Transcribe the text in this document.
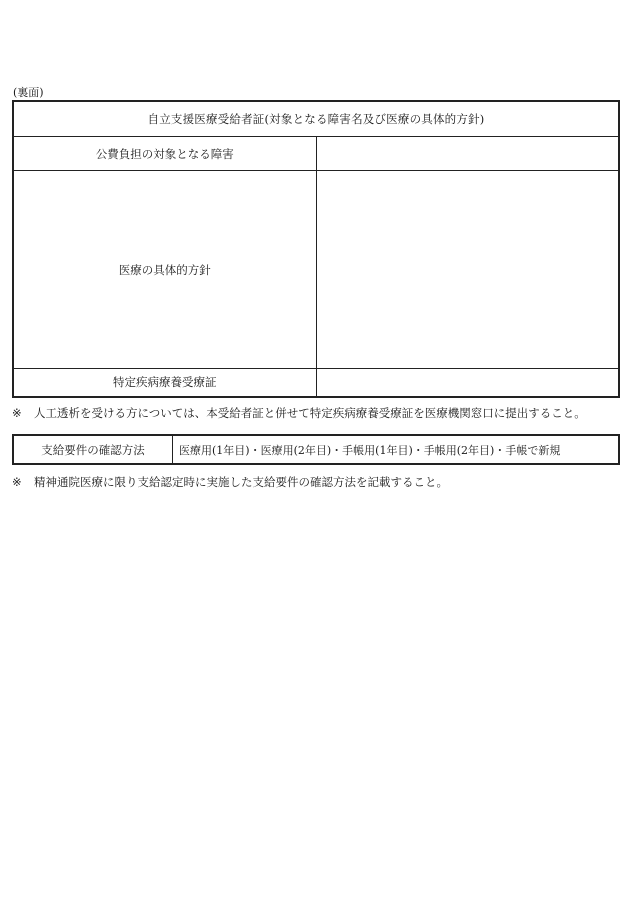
(裏面)
自立支援医療受給者証(対象となる障害名及び医療の具体的方針)	
公費負担の対象となる障害	
医療の具体的方針	
特定疾病療養受療証	
※ 人工透析を受ける方については、本受給者証と併せて特定疾病療養受療証を医療機関窓口に提出すること。
支給要件の確認方法	医療用(1年目)・医療用(2年目)・手帳用(1年目)・手帳用(2年目)・手帳で新規
※ 精神通院医療に限り支給認定時に実施した支給要件の確認方法を記載すること。
